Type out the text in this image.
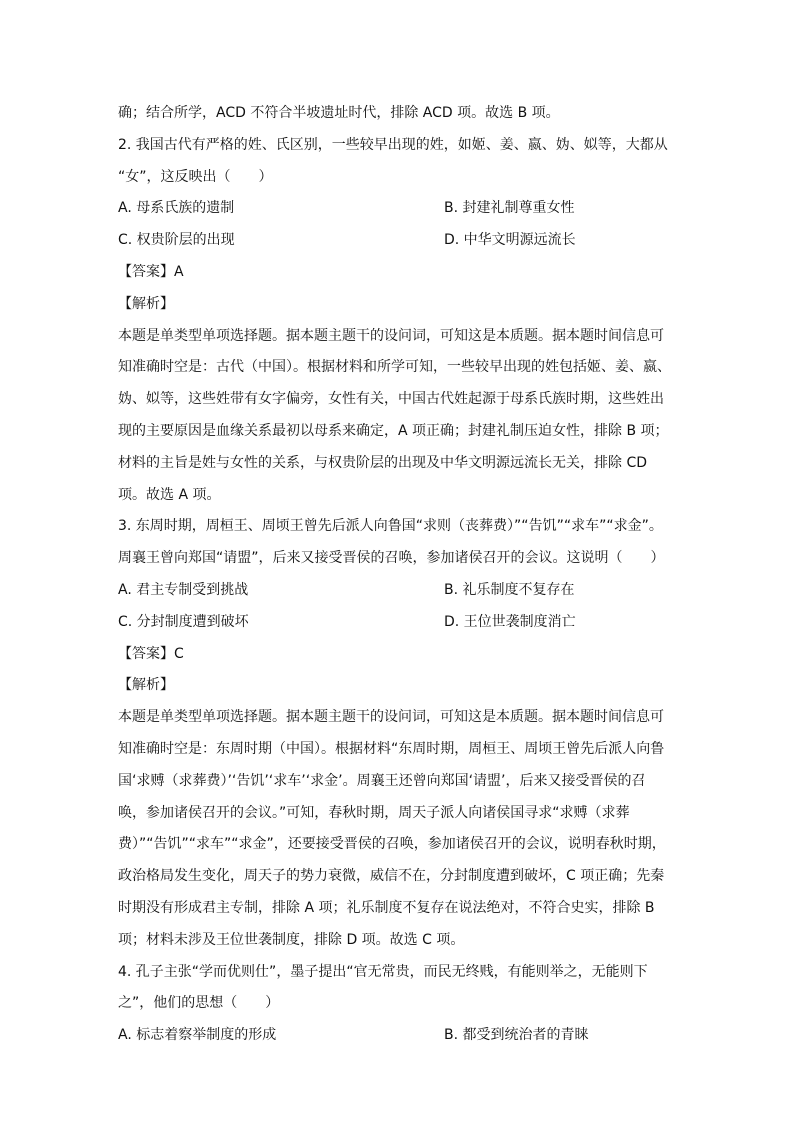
确；结合所学，ACD 不符合半坡遗址时代，排除 ACD 项。故选 B 项。
2. 我国古代有严格的姓、氏区别，一些较早出现的姓，如姬、姜、嬴、妫、姒等，大都从
“女”，这反映出（　　）
A. 母系氏族的遗制	B. 封建礼制尊重女性
C. 权贵阶层的出现	D. 中华文明源远流长
【答案】A
【解析】
本题是单类型单项选择题。据本题主题干的设问词，可知这是本质题。据本题时间信息可
知准确时空是：古代（中国）。根据材料和所学可知，一些较早出现的姓包括姬、姜、嬴、
妫、姒等，这些姓带有女字偏旁，女性有关，中国古代姓起源于母系氏族时期，这些姓出
现的主要原因是血缘关系最初以母系来确定，A 项正确；封建礼制压迫女性，排除 B 项；
材料的主旨是姓与女性的关系，与权贵阶层的出现及中华文明源远流长无关，排除 CD
项。故选 A 项。
3. 东周时期，周桓王、周顷王曾先后派人向鲁国“求则（丧葬费）”“告饥”“求车”“求金”。
周襄王曾向郑国“请盟”，后来又接受晋侯的召唤，参加诸侯召开的会议。这说明（　　）
A. 君主专制受到挑战	B. 礼乐制度不复存在
C. 分封制度遭到破坏	D. 王位世袭制度消亡
【答案】C
【解析】
本题是单类型单项选择题。据本题主题干的设问词，可知这是本质题。据本题时间信息可
知准确时空是：东周时期（中国）。根据材料“东周时期，周桓王、周顷王曾先后派人向鲁
国‘求赙（求葬费）’‘告饥’‘求车’‘求金’。周襄王还曾向郑国‘请盟’，后来又接受晋侯的召
唤，参加诸侯召开的会议。”可知，春秋时期，周天子派人向诸侯国寻求“求赙（求葬
费）”“告饥”“求车”“求金”，还要接受晋侯的召唤，参加诸侯召开的会议，说明春秋时期，
政治格局发生变化，周天子的势力衰微，威信不在，分封制度遭到破坏，C 项正确；先秦
时期没有形成君主专制，排除 A 项；礼乐制度不复存在说法绝对，不符合史实，排除 B
项；材料未涉及王位世袭制度，排除 D 项。故选 C 项。
4. 孔子主张“学而优则仕”，墨子提出“官无常贵，而民无终贱，有能则举之，无能则下
之”，他们的思想（　　）
A. 标志着察举制度的形成	B. 都受到统治者的青睐
